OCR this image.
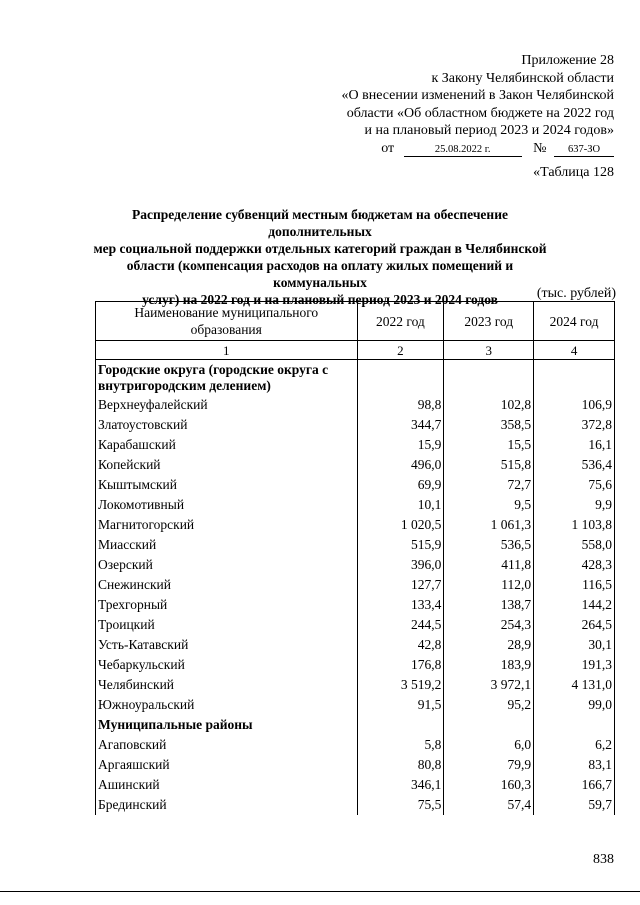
Приложение 28
к Закону Челябинской области
«О внесении изменений в Закон Челябинской
области «Об областном бюджете на 2022 год
и на плановый период 2023 и 2024 годов»
от	25.08.2022 г.	№ 637-ЗО
«Таблица 128
Распределение субвенций местным бюджетам на обеспечение дополнительных
мер социальной поддержки отдельных категорий граждан в Челябинской
области (компенсация расходов на оплату жилых помещений и коммунальных
услуг) на 2022 год и на плановый период 2023 и 2024 годов	(тыс. рублей)
Наименование муниципального образования	2022 год	2023 год	2024 год
1	2	3	4
Городские округа (городские округа с внутригородским делением)			
Верхнеуфалейский	98,8	102,8	106,9
Златоустовский	344,7	358,5	372,8
Карабашский	15,9	15,5	16,1
Копейский	496,0	515,8	536,4
Кыштымский	69,9	72,7	75,6
Локомотивный	10,1	9,5	9,9
Магнитогорский	1 020,5	1 061,3	1 103,8
Миасский	515,9	536,5	558,0
Озерский	396,0	411,8	428,3
Снежинский	127,7	112,0	116,5
Трехгорный	133,4	138,7	144,2
Троицкий	244,5	254,3	264,5
Усть-Катавский	42,8	28,9	30,1
Чебаркульский	176,8	183,9	191,3
Челябинский	3 519,2	3 972,1	4 131,0
Южноуральский	91,5	95,2	99,0
Муниципальные районы			
Агаповский	5,8	6,0	6,2
Аргаяшский	80,8	79,9	83,1
Ашинский	346,1	160,3	166,7
Брединский	75,5	57,4	59,7
838
